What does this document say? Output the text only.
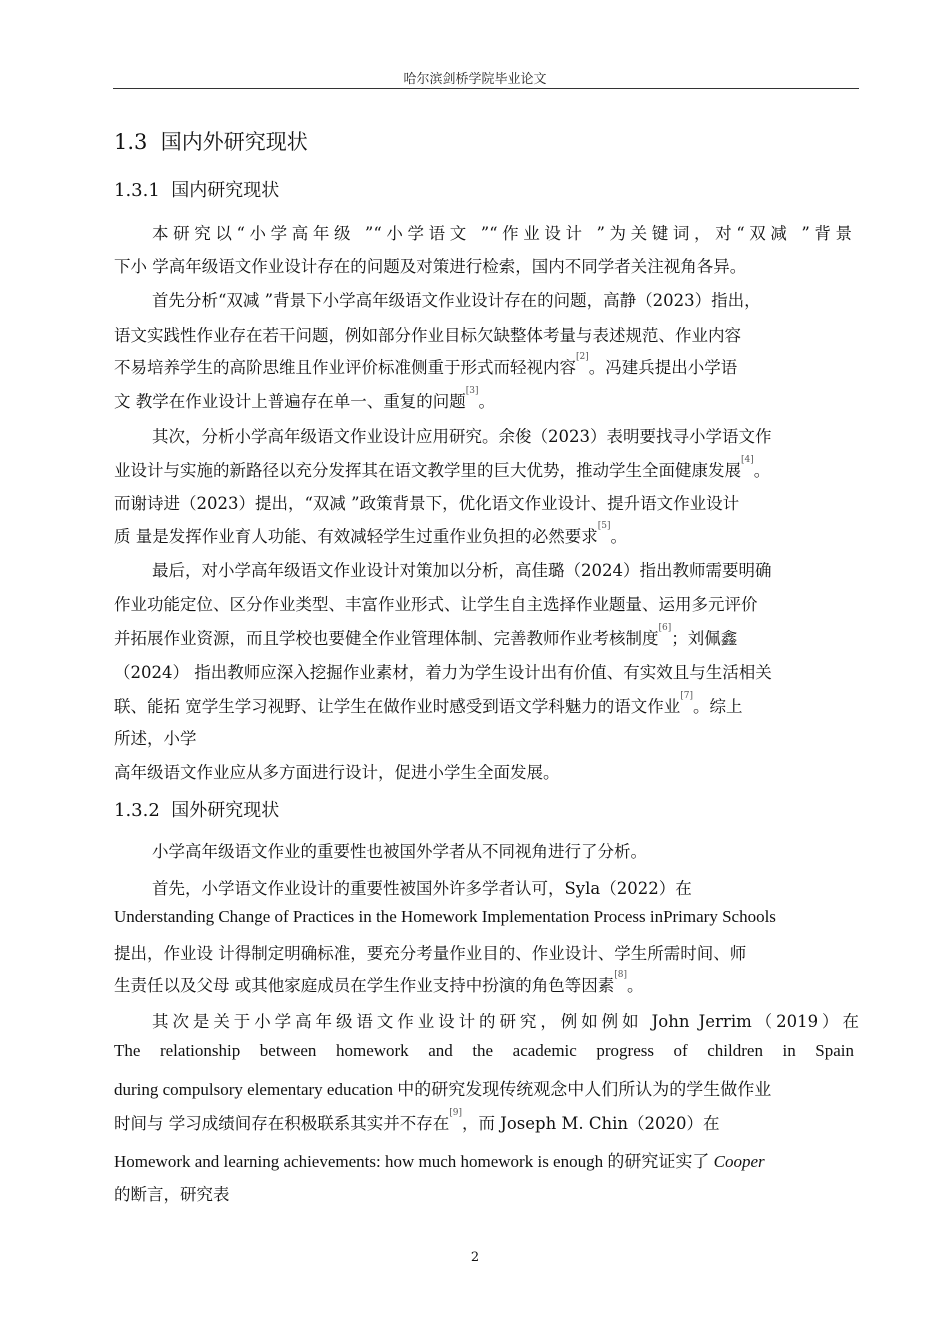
哈尔滨剑桥学院毕业论文
1.3 国内外研究现状
1.3.1 国内研究现状
本研究以“小学高年级 ”“小学语文 ”“作业设计 ”为关键词，对“双减 ”背景
下小 学高年级语文作业设计存在的问题及对策进行检索，国内不同学者关注视角各异。
首先分析“双减 ”背景下小学高年级语文作业设计存在的问题，高静（2023）指出，
语文实践性作业存在若干问题，例如部分作业目标欠缺整体考量与表述规范、作业内容
不易培养学生的高阶思维且作业评价标准侧重于形式而轻视内容[2]。冯建兵提出小学语
文 教学在作业设计上普遍存在单一、重复的问题[3]。
其次，分析小学高年级语文作业设计应用研究。余俊（2023）表明要找寻小学语文作
业设计与实施的新路径以充分发挥其在语文教学里的巨大优势，推动学生全面健康发展[4]。
而谢诗进（2023）提出，“双减 ”政策背景下，优化语文作业设计、提升语文作业设计
质 量是发挥作业育人功能、有效减轻学生过重作业负担的必然要求[5]。
最后，对小学高年级语文作业设计对策加以分析，高佳璐（2024）指出教师需要明确
作业功能定位、区分作业类型、丰富作业形式、让学生自主选择作业题量、运用多元评价
并拓展作业资源，而且学校也要健全作业管理体制、完善教师作业考核制度[6]；刘佩鑫
（2024） 指出教师应深入挖掘作业素材，着力为学生设计出有价值、有实效且与生活相关
联、能拓 宽学生学习视野、让学生在做作业时感受到语文学科魅力的语文作业[7]。综上
所述，小学
高年级语文作业应从多方面进行设计，促进小学生全面发展。
1.3.2 国外研究现状
小学高年级语文作业的重要性也被国外学者从不同视角进行了分析。
首先，小学语文作业设计的重要性被国外许多学者认可，Syla（2022）在
Understanding Change of Practices in the Homework Implementation Process inPrimary Schools
提出，作业设 计得制定明确标准，要充分考量作业目的、作业设计、学生所需时间、师
生责任以及父母 或其他家庭成员在学生作业支持中扮演的角色等因素[8]。
其次是关于小学高年级语文作业设计的研究，例如例如 John Jerrim（2019）在
The relationship between homework and the academic progress of children in Spain
during compulsory elementary education 中的研究发现传统观念中人们所认为的学生做作业
时间与 学习成绩间存在积极联系其实并不存在[9]，而 Joseph M. Chin（2020）在
Homework and learning achievements: how much homework is enough 的研究证实了 Cooper
的断言，研究表
2
